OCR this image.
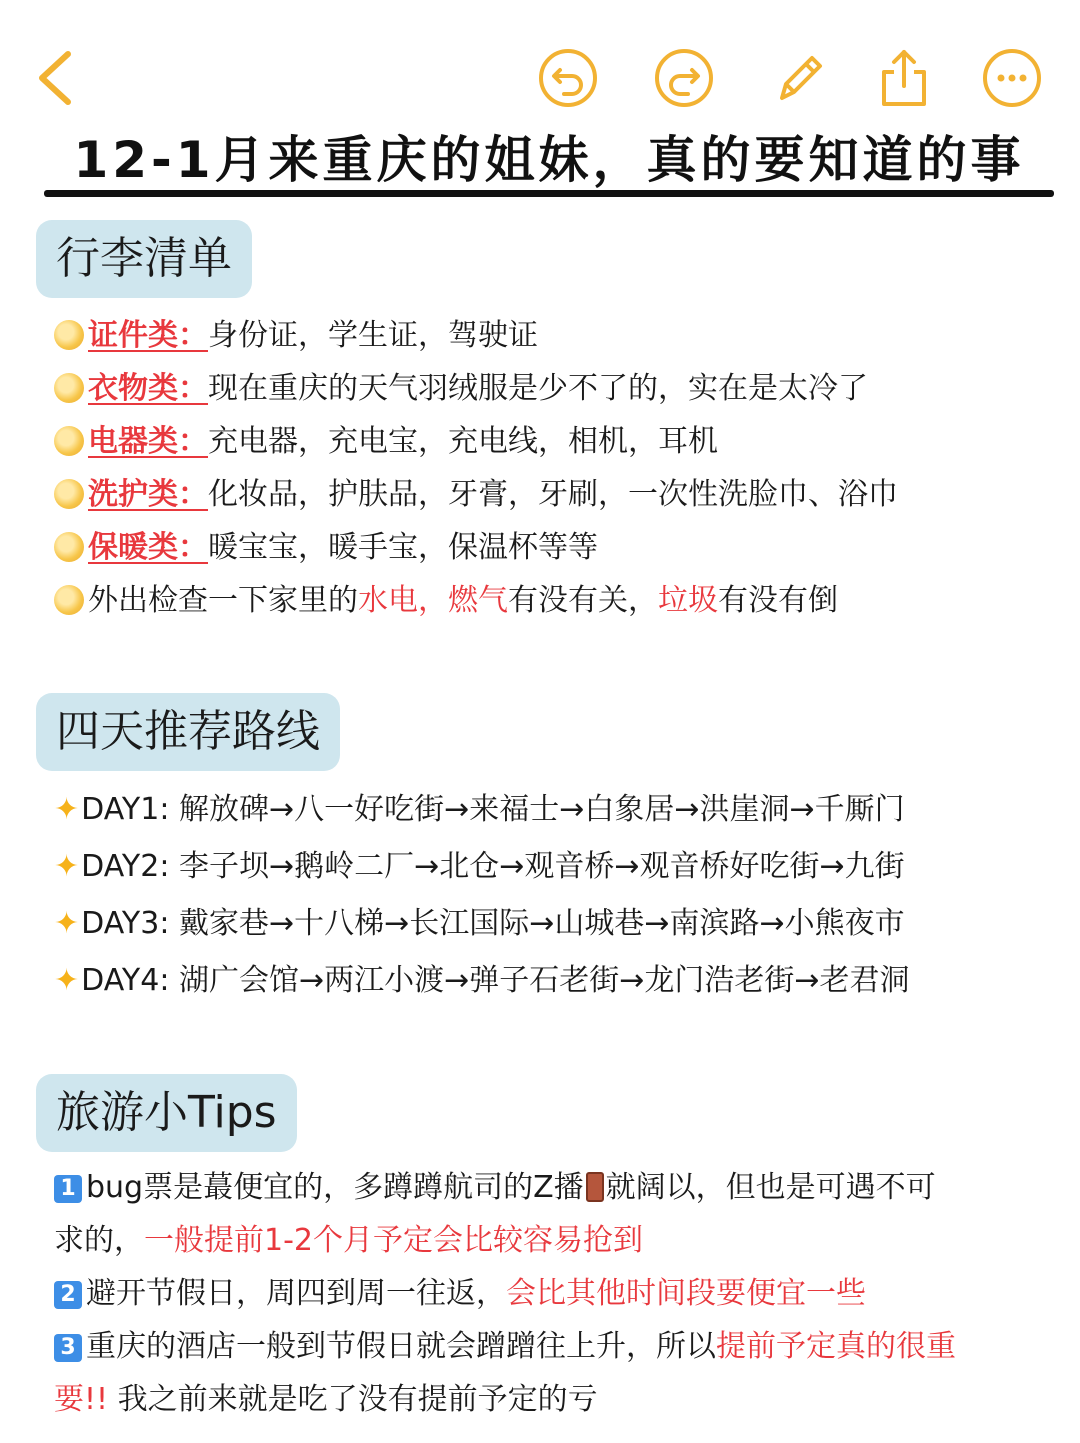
12-1月来重庆的姐妹，真的要知道的事
行李清单
证件类：身份证，学生证，驾驶证
衣物类：现在重庆的天气羽绒服是少不了的，实在是太冷了
电器类：充电器，充电宝，充电线，相机，耳机
洗护类：化妆品，护肤品，牙膏，牙刷，一次性洗脸巾、浴巾
保暖类：暖宝宝，暖手宝，保温杯等等
外出检查一下家里的水电，燃气有没有关，垃圾有没有倒
四天推荐路线
✦DAY1: 解放碑→八一好吃街→来福士→白象居→洪崖洞→千厮门
✦DAY2: 李子坝→鹅岭二厂→北仓→观音桥→观音桥好吃街→九街
✦DAY3: 戴家巷→十八梯→长江国际→山城巷→南滨路→小熊夜市
✦DAY4: 湖广会馆→两江小渡→弹子石老街→龙门浩老街→老君洞
旅游小Tips
1 bug票是蕞便宜的，多蹲蹲航司的Z播 就阔以，但也是可遇不可
求的，一般提前1-2个月予定会比较容易抢到
2 避开节假日，周四到周一往返，会比其他时间段要便宜一些
3 重庆的酒店一般到节假日就会蹭蹭往上升，所以提前予定真的很重
要!! 我之前来就是吃了没有提前予定的亏
